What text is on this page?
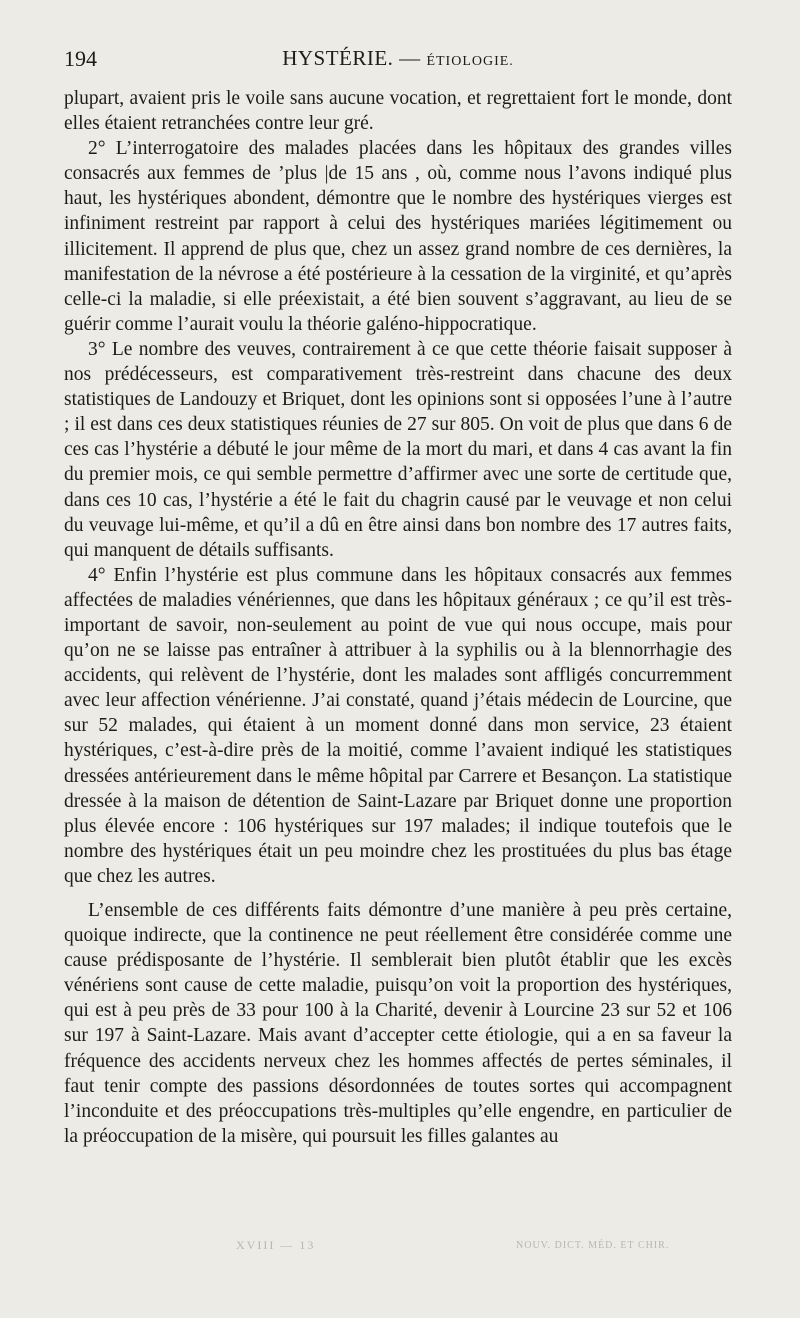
194	HYSTÉRIE. — ÉTIOLOGIE.

plupart, avaient pris le voile sans aucune vocation, et regrettaient fort le monde, dont elles étaient retranchées contre leur gré.

2° L’interrogatoire des malades placées dans les hôpitaux des grandes villes consacrés aux femmes de ’plus |de 15 ans , où, comme nous l’avons indiqué plus haut, les hystériques abondent, démontre que le nombre des hystériques vierges est infiniment restreint par rapport à celui des hystériques mariées légitimement ou illicitement. Il apprend de plus que, chez un assez grand nombre de ces dernières, la manifestation de la névrose a été postérieure à la cessation de la virginité, et qu’après celle-ci la maladie, si elle préexistait, a été bien souvent s’aggravant, au lieu de se guérir comme l’aurait voulu la théorie galéno-hippocratique.

3° Le nombre des veuves, contrairement à ce que cette théorie faisait supposer à nos prédécesseurs, est comparativement très-restreint dans chacune des deux statistiques de Landouzy et Briquet, dont les opinions sont si opposées l’une à l’autre ; il est dans ces deux statistiques réunies de 27 sur 805. On voit de plus que dans 6 de ces cas l’hystérie a débuté le jour même de la mort du mari, et dans 4 cas avant la fin du premier mois, ce qui semble permettre d’affirmer avec une sorte de certitude que, dans ces 10 cas, l’hystérie a été le fait du chagrin causé par le veuvage et non celui du veuvage lui-même, et qu’il a dû en être ainsi dans bon nombre des 17 autres faits, qui manquent de détails suffisants.

4° Enfin l’hystérie est plus commune dans les hôpitaux consacrés aux femmes affectées de maladies vénériennes, que dans les hôpitaux généraux ; ce qu’il est très-important de savoir, non-seulement au point de vue qui nous occupe, mais pour qu’on ne se laisse pas entraîner à attribuer à la syphilis ou à la blennorrhagie des accidents, qui relèvent de l’hystérie, dont les malades sont affligés concurremment avec leur affection vénérienne. J’ai constaté, quand j’étais médecin de Lourcine, que sur 52 malades, qui étaient à un moment donné dans mon service, 23 étaient hystériques, c’est-à-dire près de la moitié, comme l’avaient indiqué les statistiques dressées antérieurement dans le même hôpital par Carrere et Besançon. La statistique dressée à la maison de détention de Saint-Lazare par Briquet donne une proportion plus élevée encore : 106 hystériques sur 197 malades; il indique toutefois que le nombre des hystériques était un peu moindre chez les prostituées du plus bas étage que chez les autres.

L’ensemble de ces différents faits démontre d’une manière à peu près certaine, quoique indirecte, que la continence ne peut réellement être considérée comme une cause prédisposante de l’hystérie. Il semblerait bien plutôt établir que les excès vénériens sont cause de cette maladie, puisqu’on voit la proportion des hystériques, qui est à peu près de 33 pour 100 à la Charité, devenir à Lourcine 23 sur 52 et 106 sur 197 à Saint-Lazare. Mais avant d’accepter cette étiologie, qui a en sa faveur la fréquence des accidents nerveux chez les hommes affectés de pertes séminales, il faut tenir compte des passions désordonnées de toutes sortes qui accompagnent l’inconduite et des préoccupations très-multiples qu’elle engendre, en particulier de la préoccupation de la misère, qui poursuit les filles galantes au

XVIII — 13	NOUV. DICT. MÉD. ET CHIR.
